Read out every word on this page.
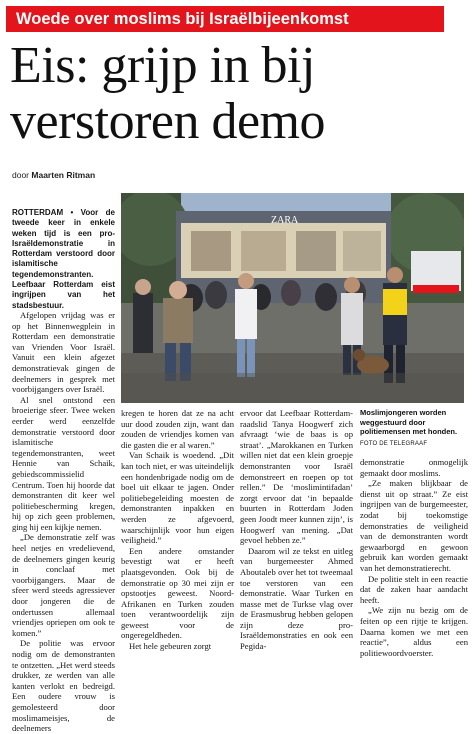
Woede over moslims bij Israëlbijeenkomst
Eis: grijp in bij
verstoren demo
door Maarten Ritman

ROTTERDAM • Voor de tweede keer in enkele weken tijd is een pro-Israëldemonstratie in Rotterdam verstoord door islamitische tegendemonstranten. Leefbaar Rotterdam eist ingrijpen van het stadsbestuur.

Afgelopen vrijdag was er op het Binnenwegplein in Rotterdam een demonstratie van Vrienden Voor Israël. Vanuit een klein afgezet demonstratievak gingen de deelnemers in gesprek met voorbijgangers over Israël.

Al snel ontstond een broeierige sfeer. Twee weken eerder werd eenzelfde demonstratie verstoord door islamitische tegendemonstranten, weet Hennie van Schaik, gebiedscommissielid Centrum. Toen hij hoorde dat demonstranten dit keer wel politiebescherming kregen, hij op zich geen problemen, ging hij een kijkje nemen.

„De demonstratie zelf was heel netjes en vredelievend, de deelnemers gingen keurig in conclaaf met voorbijgangers. Maar de sfeer werd steeds agressiever door jongeren die de ondertussen allemaal vriendjes opriepen om ook te komen.”

De politie was ervoor nodig om de demonstranten te ontzetten. „Het werd steeds drukker, ze werden van alle kanten verlokt en bedreigd. Een oudere vrouw is gemolesteerd door moslimameisjes, de deelnemers

ZARA

kregen te horen dat ze na acht uur dood zouden zijn, want dan zouden de vriendjes komen van die gasten die er al waren.”

Van Schaik is woedend. „Dit kan toch niet, er was uiteindelijk een hondenbrigade nodig om de boel uit elkaar te jagen. Onder politiebegeleiding moesten de demonstranten inpakken en werden ze afgevoerd, waarschijnlijk voor hun eigen veiligheid.”

Een andere omstander bevestigt wat er heeft plaatsgevonden. Ook bij de demonstratie op 30 mei zijn er opstootjes geweest. Noord-Afrikanen en Turken zouden toen verantwoordelijk zijn geweest voor de ongeregeldheden.

Het hele gebeuren zorgt

ervoor dat Leefbaar Rotterdam-raadslid Tanya Hoogwerf zich afvraagt ‘wie de baas is op straat’. „Marokkanen en Turken willen niet dat een klein groepje demonstranten voor Israël demonstreert en roepen op tot rellen.” De ‘moslimintifadan’ zorgt ervoor dat ‘in bepaalde buurten in Rotterdam Joden geen Joodt meer kunnen zijn’, is Hoogwerf van mening. „Dat gevoel hebben ze.”

Daarom wil ze tekst en uitleg van burgemeester Ahmed Aboutaleb over het tot tweemaal toe verstoren van een demonstratie. Waar Turken en masse met de Turkse vlag over de Erasmusbrug hebben gelopen zijn deze pro-Israëldemonstraties en ook een Pegida-

Moslimjongeren worden weggestuurd door politiemensen met honden.
FOTO DE TELEGRAAF

demonstratie onmogelijk gemaakt door moslims.

„Ze maken blijkbaar de dienst uit op straat.” Ze eist ingrijpen van de burgemeester, zodat bij toekomstige demonstraties de veiligheid van de demonstranten wordt gewaarborgd en gewoon gebruik kan worden gemaakt van het demonstratierecht.

De politie stelt in een reactie dat de zaken haar aandacht heeft.

„We zijn nu bezig om de feiten op een rijtje te krijgen. Daarna komen we met een reactie”, aldus een politiewoordvoerster.
